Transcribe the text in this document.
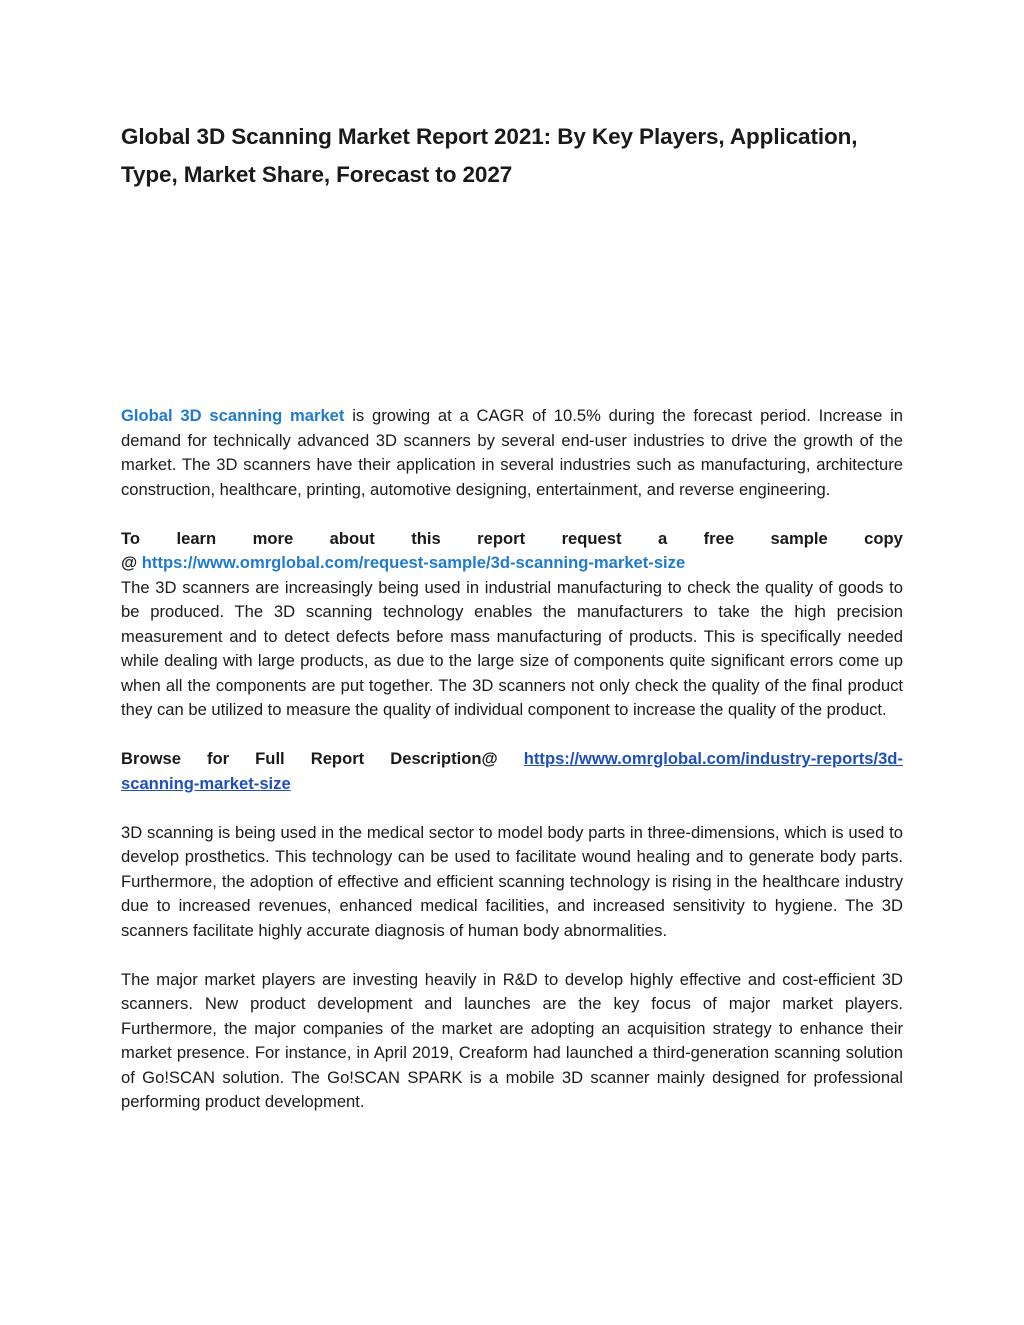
Global 3D Scanning Market Report 2021: By Key Players, Application, Type, Market Share, Forecast to 2027

Global 3D scanning market is growing at a CAGR of 10.5% during the forecast period. Increase in demand for technically advanced 3D scanners by several end-user industries to drive the growth of the market. The 3D scanners have their application in several industries such as manufacturing, architecture construction, healthcare, printing, automotive designing, entertainment, and reverse engineering.

To learn more about this report request a free sample copy

@ https://www.omrglobal.com/request-sample/3d-scanning-market-size

The 3D scanners are increasingly being used in industrial manufacturing to check the quality of goods to be produced. The 3D scanning technology enables the manufacturers to take the high precision measurement and to detect defects before mass manufacturing of products. This is specifically needed while dealing with large products, as due to the large size of components quite significant errors come up when all the components are put together. The 3D scanners not only check the quality of the final product they can be utilized to measure the quality of individual component to increase the quality of the product.

Browse for Full Report Description@ https://www.omrglobal.com/industry-reports/3d-

scanning-market-size

3D scanning is being used in the medical sector to model body parts in three-dimensions, which is used to develop prosthetics. This technology can be used to facilitate wound healing and to generate body parts. Furthermore, the adoption of effective and efficient scanning technology is rising in the healthcare industry due to increased revenues, enhanced medical facilities, and increased sensitivity to hygiene. The 3D scanners facilitate highly accurate diagnosis of human body abnormalities.

The major market players are investing heavily in R&D to develop highly effective and cost-efficient 3D scanners. New product development and launches are the key focus of major market players. Furthermore, the major companies of the market are adopting an acquisition strategy to enhance their market presence. For instance, in April 2019, Creaform had launched a third-generation scanning solution of Go!SCAN solution. The Go!SCAN SPARK is a mobile 3D scanner mainly designed for professional performing product development.
